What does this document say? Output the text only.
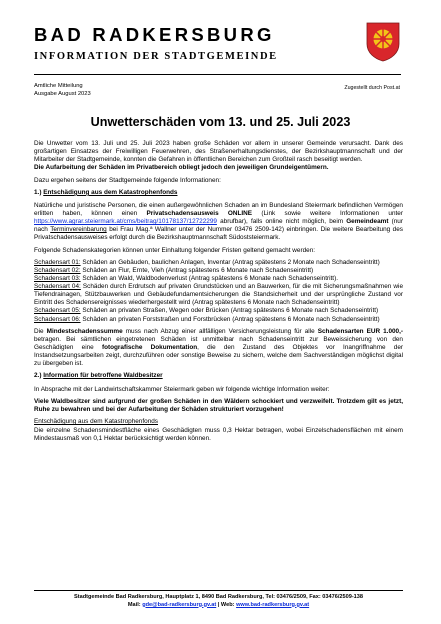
BAD RADKERSBURG
INFORMATION DER STADTGEMEINDE
Amtliche Mitteilung
Ausgabe August 2023
Zugestellt durch Post.at
Unwetterschäden vom 13. und 25. Juli 2023

Die Unwetter vom 13. Juli und 25. Juli 2023 haben große Schäden vor allem in unserer Gemeinde verursacht. Dank des großartigen Einsatzes der Freiwilligen Feuerwehren, des Straßenerhaltungsdienstes, der Bezirkshauptmannschaft und der Mitarbeiter der Stadtgemeinde, konnten die Gefahren in öffentlichen Bereichen zum Großteil rasch beseitigt werden.
Die Aufarbeitung der Schäden im Privatbereich obliegt jedoch den jeweiligen Grundeigentümern.

Dazu ergehen seitens der Stadtgemeinde folgende Informationen:

1.) Entschädigung aus dem Katastrophenfonds

Natürliche und juristische Personen, die einen außergewöhnlichen Schaden an im Bundesland Steiermark befindlichen Vermögen erlitten haben, können einen Privatschadensausweis ONLINE (Link sowie weitere Informationen unter https://www.agrar.steiermark.at/cms/beitrag/10178137/12722299 abrufbar), falls online nicht möglich, beim Gemeindeamt (nur nach Terminvereinbarung bei Frau Mag.ª Wallner unter der Nummer 03476 2509-142) einbringen. Die weitere Bearbeitung des Privatschadensausweises erfolgt durch die Bezirkshauptmannschaft Südoststeiermark.

Folgende Schadenskategorien können unter Einhaltung folgender Fristen geltend gemacht werden:

Schadensart 01: Schäden an Gebäuden, baulichen Anlagen, Inventar (Antrag spätestens 2 Monate nach Schadenseintritt)

Schadensart 02: Schäden an Flur, Ernte, Vieh (Antrag spätestens 6 Monate nach Schadenseintritt)

Schadensart 03: Schäden an Wald, Waldbodenverlust (Antrag spätestens 6 Monate nach Schadenseintritt).

Schadensart 04: Schäden durch Erdrutsch auf privaten Grundstücken und an Bauwerken, für die mit Sicherungsmaßnahmen wie Tiefendrainagen, Stützbauwerken und Gebäudefundamentsicherungen die Standsicherheit und der ursprüngliche Zustand vor Eintritt des Schadensereignisses wiederhergestellt wird (Antrag spätestens 6 Monate nach Schadenseintritt)

Schadensart 05: Schäden an privaten Straßen, Wegen oder Brücken (Antrag spätestens 6 Monate nach Schadenseintritt)

Schadensart 06: Schäden an privaten Forststraßen und Forstbrücken (Antrag spätestens 6 Monate nach Schadenseintritt)

Die Mindestschadenssumme muss nach Abzug einer allfälligen Versicherungsleistung für alle Schadensarten EUR 1.000,- betragen. Bei sämtlichen eingetretenen Schäden ist unmittelbar nach Schadenseintritt zur Beweissicherung von den Geschädigten eine fotografische Dokumentation, die den Zustand des Objektes vor Inangriffnahme der Instandsetzungsarbeiten zeigt, durchzuführen oder sonstige Beweise zu sichern, welche dem Sachverständigen möglichst digital zu übergeben ist.

2.) Information für betroffene Waldbesitzer

In Absprache mit der Landwirtschaftskammer Steiermark geben wir folgende wichtige Information weiter:

Viele Waldbesitzer sind aufgrund der großen Schäden in den Wäldern schockiert und verzweifelt. Trotzdem gilt es jetzt, Ruhe zu bewahren und bei der Aufarbeitung der Schäden strukturiert vorzugehen!

Entschädigung aus dem Katastrophenfonds

Die einzelne Schadensmindestfläche eines Geschädigten muss 0,3 Hektar betragen, wobei Einzelschadensflächen mit einem Mindestausmaß von 0,1 Hektar berücksichtigt werden können.

Stadtgemeinde Bad Radkersburg, Hauptplatz 1, 8490 Bad Radkersburg, Tel: 03476/2509, Fax: 03476/2509-138
Mail: gde@bad-radkersburg.gv.at | Web: www.bad-radkersburg.gv.at
